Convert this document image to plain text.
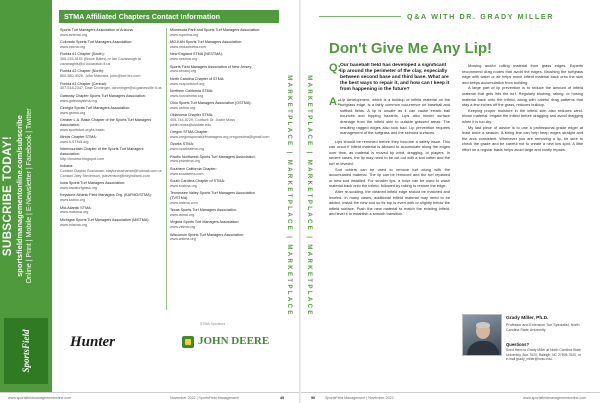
SUBSCRIBE TODAY! sportsfieldmanagementonline.com/subscribe Online | Print | Mobile | E-Newsletter | Facebook | Twitter
SportsField
STMA Affiliated Chapters Contact Information
Sports Turf Managers Association of Arizona:
www.azstma.org
Colorado Sports Turf Managers Association:
www.cstma.org
Florida #1 Chapter (South):
305-235-5101 (Bruce Bates) or Ian Cavanaugh at cavanaghis@ci.bocaraton.fl.us
Florida #2 Chapter (North):
850-580-4026, John Mascaro, john@turf-tec.com
Florida #3 Chapter (Central):
407-518-2347, Dale Croninger, dcroninger@ci.gainesville.fl.us
Gateway Chapter Sports Turf Managers Association:
www.gatewaystma.org
Georgia Sports Turf Managers Association:
www.gstma.org
Greater L.A. Basin Chapter of the Sports Turf Managers Association:
www.sportsturf.org/la-basin
Illinois Chapter STMA:
www.ILSTMA.org
Intermountain Chapter of the Sports Turf Managers Association:
http://imstma.blogspot.com
Indiana:
Contact Clayton Buchanan, claytonbuchanan@hotmail.com or Contact Joey Stevenson, jstevenson@indyindians.com
Iowa Sports Turf Managers Association:
www.iowaturfgrass.org
Keystone Athletic Field Managers Org. (KAFMO/STMA):
www.kafmo.org
Mid-Atlantic STMA:
www.mastma.org
Michigan Sports Turf Managers Association (MiSTMA):
www.mistma.org
Minnesota Park and Sports Turf Managers Association:
www.mpstma.org
MO-KAN Sports Turf Managers Association:
www.mokanstma.com
New England STMA (NESTMA):
www.nestma.org
Sports Field Managers Association of New Jersey:
www.sfmanj.org
North Carolina Chapter of STMA:
www.ncsportsturf.org
Northern California STMA:
www.norcalstma.org
Ohio Sports Turf Managers Association (OSTMA):
www.ostma.org
Oklahoma Chapter STMA:
405-744-5729; Contact: Dr. Justin Moss justin.moss@okstate.edu
Oregon STMA Chapter:
www.oregonsportsturfmanagers.org oregonstma@gmail.com
Ozarks STMA:
www.ozarksstma.org
Pacific Northwest Sports Turf Managers Association:
www.pnwstma.org
Southern California Chapter:
www.socalstma.com
South Carolina Chapter of STMA:
www.scstma.org
Tennessee Valley Sports Turf Managers Association (TVSTMA):
www.tvstma.com
Texas Sports Turf Managers Association:
www.tstma.org
Virginia Sports Turf Managers Association:
www.vstma.org
Wisconsin Sports Turf Managers Association:
www.wstma.org
STMA Sponsors
Hunter	JOHN DEERE
MARKETPLACE | MARKETPLACE | MARKETPLACE
www.sportsfieldmanagementonline.com	November 2022 | SportsField Management	49
MARKETPLACE | MARKETPLACE | MARKETPLACE
Q&A WITH DR. GRADY MILLER
Don't Give Me Any Lip!
Q:
Our baseball field has developed a significant lip around the perimeter of the clay, especially between second base and third base. What are the best ways to repair it, and how can I keep it from happening in the future?
A: Lip development, which is a buildup of infield material on the turfgrass edge, is a fairly common occurrence on baseball and softball fields. A lip is unsafe as it can cause erratic ball bounces and tripping hazards. Lips also hinder surface drainage from the infield skin to outside grassed areas. The resulting ragged edges also look bad. Lip prevention requires management of the turfgrass and the skinned surfaces.

Lips should be removed before they become a safety issue. This can occur if infield material is allowed to accumulate along the edges over time, as material is moved by wind, dragging, or players. In severe cases, the lip may need to be cut out with a sod cutter and the turf re-leveled.

Sod cutters can be used to remove turf along with the accumulated material. The lip can be removed and the turf replaced or new sod installed. For smaller lips, a hose can be used to wash material back onto the infield, followed by raking to restore the edge.

After re-sodding, the cleaned infield edge should be matched and leveled. In many cases, additional infield material may need to be added. Install the new sod so its top is even with or slightly below the infield surface. Push the new material to match the existing infield, and level it to establish a smooth transition.

Mowing and/or rolling material from grass edges. Experts recommend drag routes that avoid the edges. Brushing the turfgrass edge with water or air helps move infield material back onto the skin and keeps accumulation from building.

A large part of lip prevention is to reduce the amount of infield material that gets into the turf. Regularly blowing, raking, or hosing material back onto the infield, along with careful drag patterns that stay a few inches off the grass, reduces buildup.

Keeping proper moisture in the infield skin also reduces wind-blown material. Irrigate the infield before dragging and avoid dragging when it is too dry.

My last piece of advice is to use a professional grade edger at least twice a season. A string line can help keep edges straight and the arcs consistent. Whenever you are removing a lip, be sure to check the grade and be careful not to create a new low spot. A little effort on a regular basis helps avoid large and costly repairs.

Grady Miller, Ph.D.
Professor and Extension Turf Specialist, North Carolina State University
Questions?
Send them to Grady Miller at North Carolina State University, Box 7620, Raleigh, NC 27695-7620, or e-mail grady_miller@ncsu.edu.
50	SportsField Management | November 2022	www.sportsfieldmanagementonline.com
